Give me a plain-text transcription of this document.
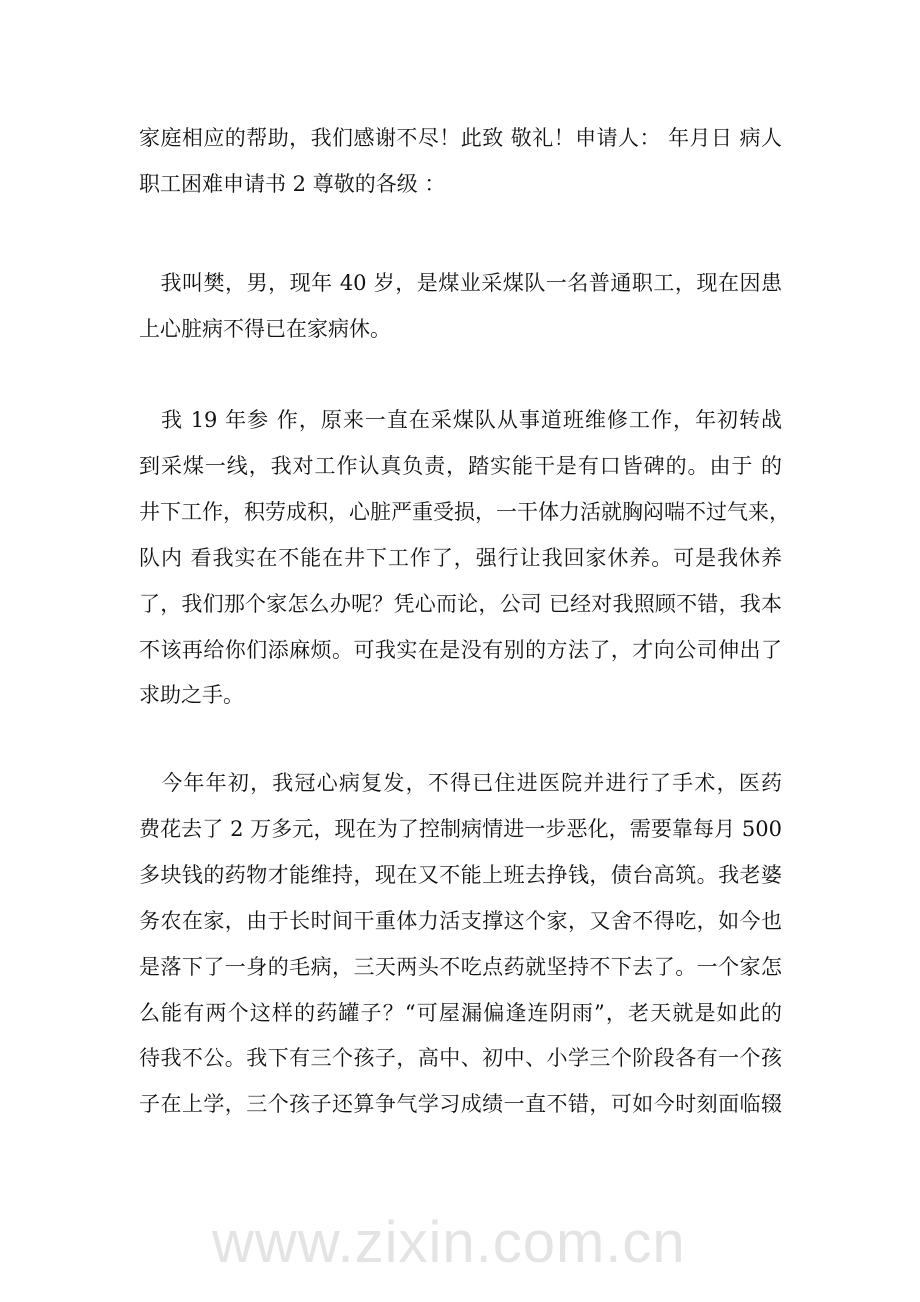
www.zixin.com.cn
家庭相应的帮助，我们感谢不尽！此致 敬礼！申请人： 年月日 病人
职工困难申请书 2 尊敬的各级 ：
　我叫樊，男，现年 40 岁，是煤业采煤队一名普通职工，现在因患
上心脏病不得已在家病休。
　我 19 年参 作，原来一直在采煤队从事道班维修工作，年初转战
到采煤一线，我对工作认真负责，踏实能干是有口皆碑的。由于 的
井下工作，积劳成积，心脏严重受损，一干体力活就胸闷喘不过气来，
队内 看我实在不能在井下工作了，强行让我回家休养。可是我休养
了，我们那个家怎么办呢？凭心而论，公司 已经对我照顾不错，我本
不该再给你们添麻烦。可我实在是没有别的方法了，才向公司伸出了
求助之手。
　今年年初，我冠心病复发，不得已住进医院并进行了手术，医药
费花去了 2 万多元，现在为了控制病情进一步恶化，需要靠每月 500
多块钱的药物才能维持，现在又不能上班去挣钱，债台高筑。我老婆
务农在家，由于长时间干重体力活支撑这个家，又舍不得吃，如今也
是落下了一身的毛病，三天两头不吃点药就坚持不下去了。一个家怎
么能有两个这样的药罐子？“可屋漏偏逢连阴雨”，老天就是如此的
待我不公。我下有三个孩子，高中、初中、小学三个阶段各有一个孩
子在上学，三个孩子还算争气学习成绩一直不错，可如今时刻面临辍
